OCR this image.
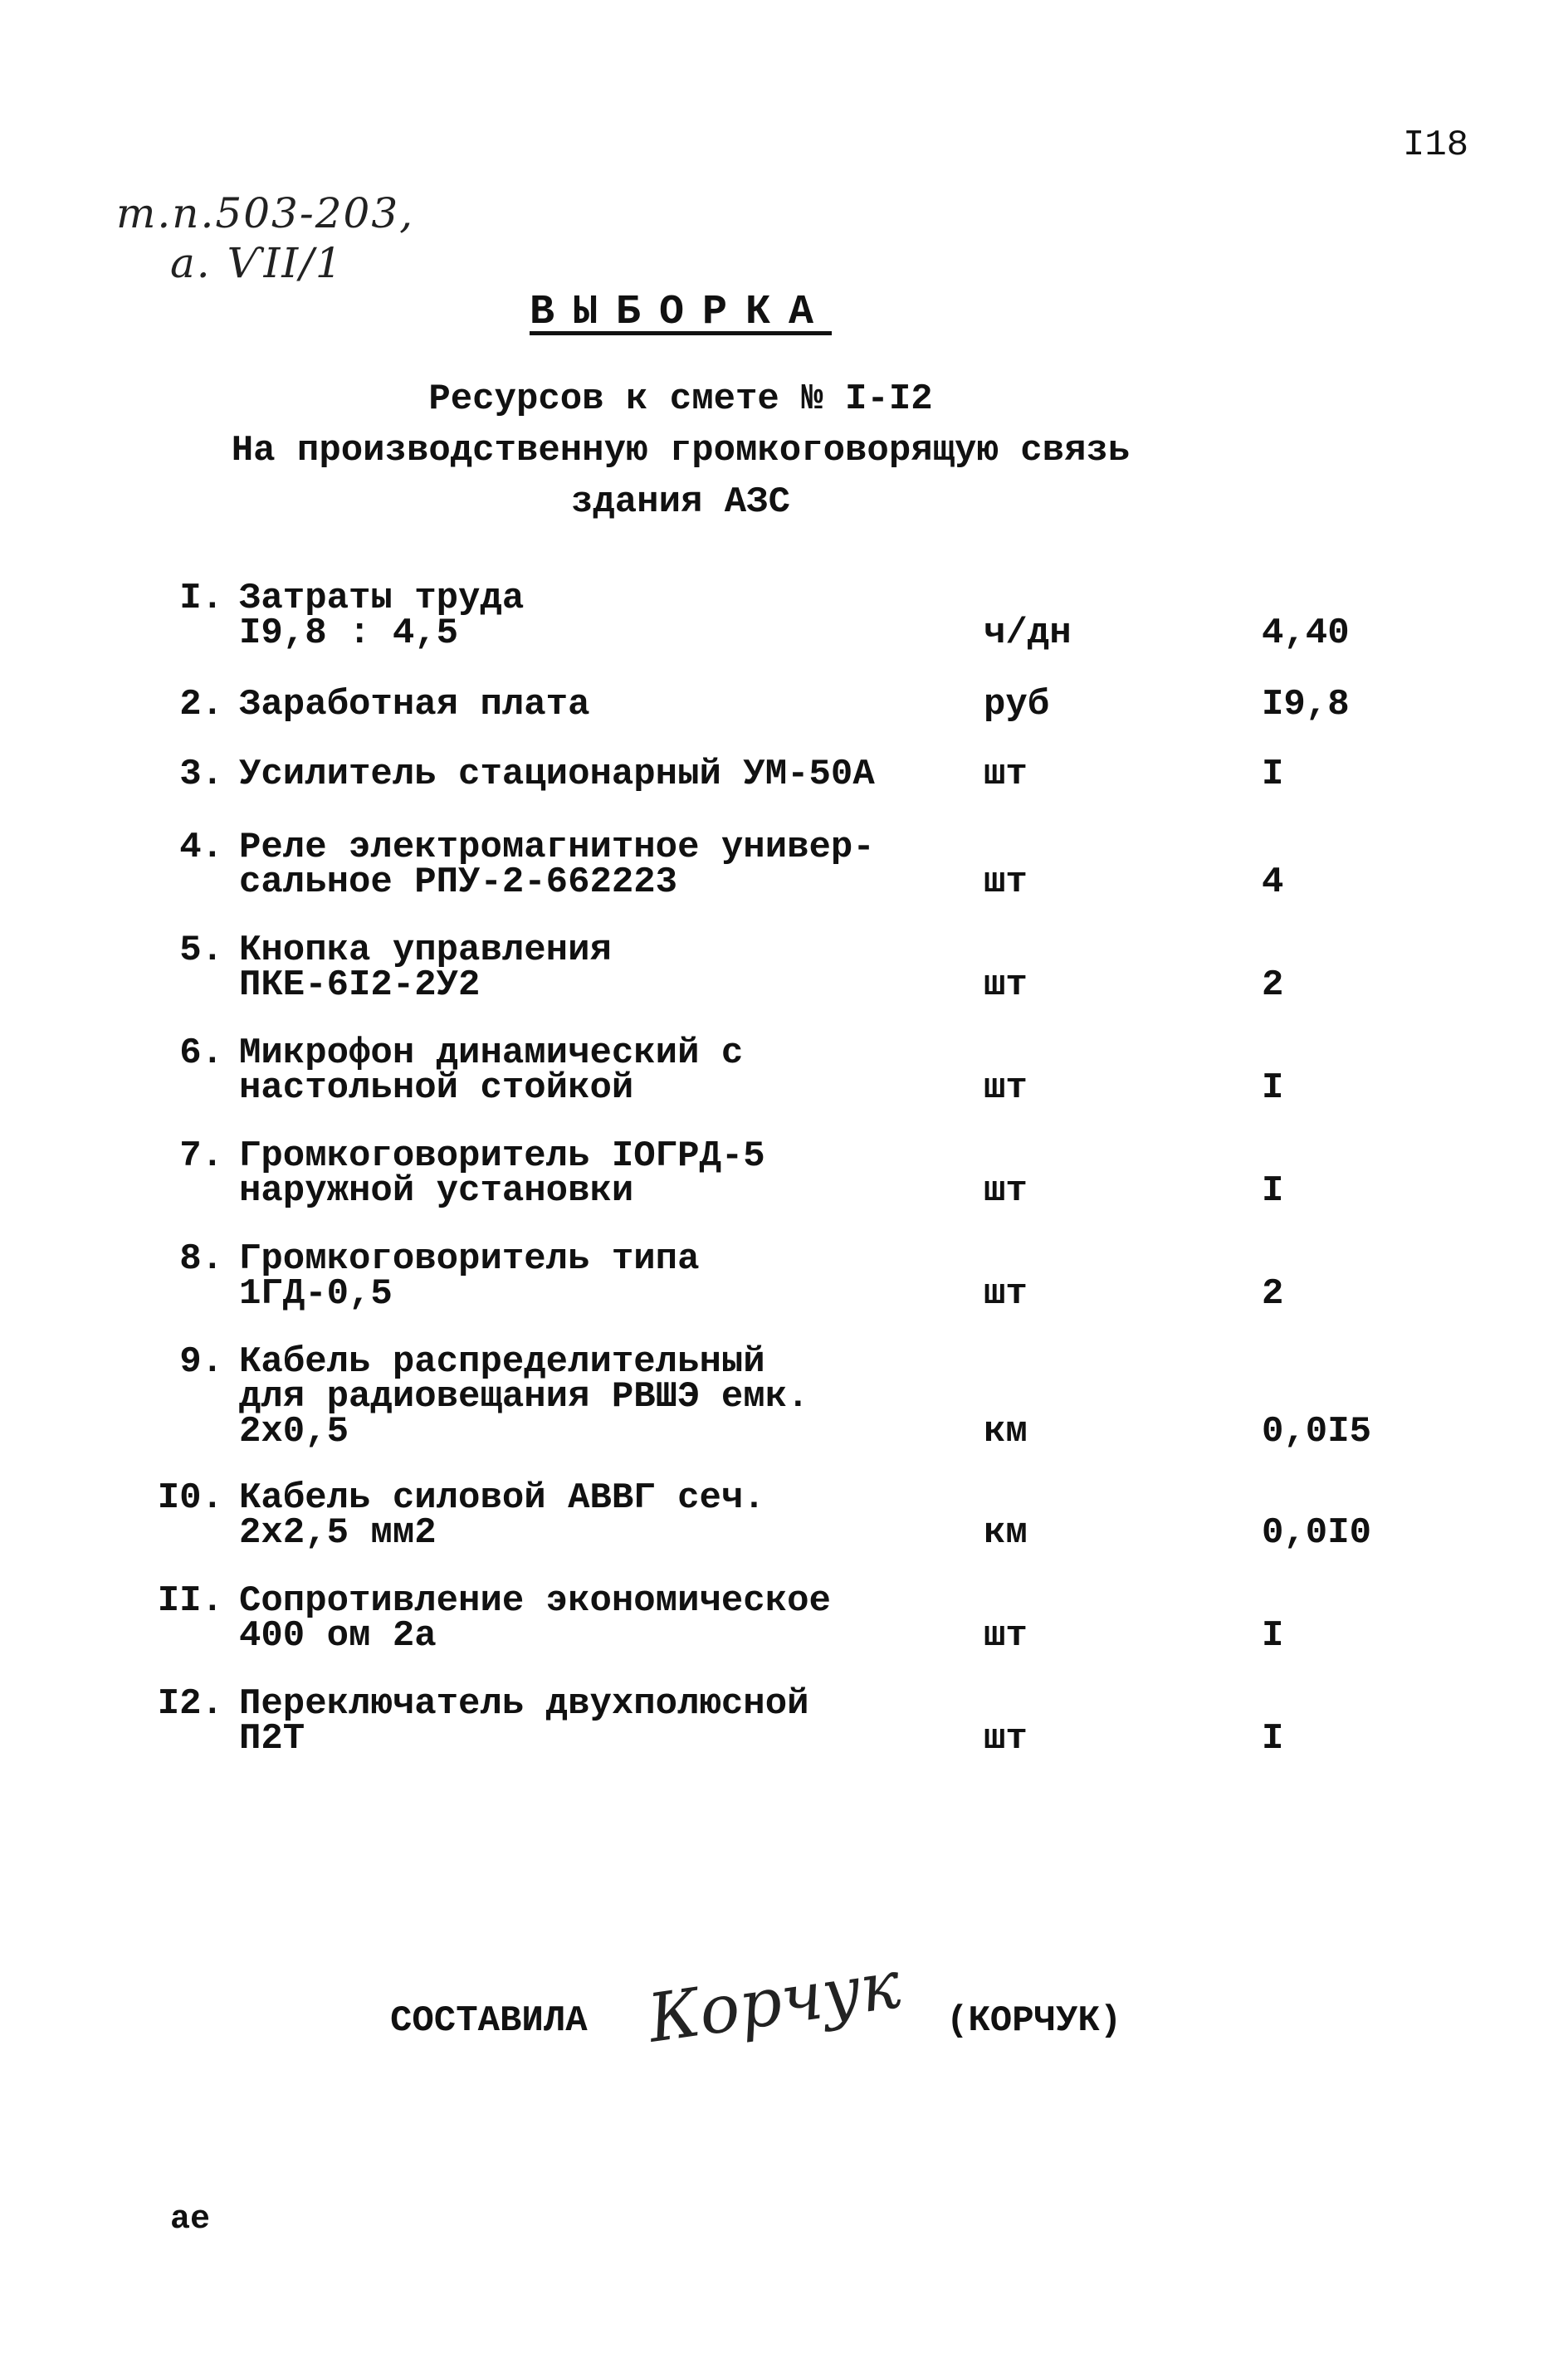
I18
т.п.503-203,
а. ѴІІ/1
ВЫБОРКА
Ресурсов к смете № I-I2
На производственную громкоговорящую связь
здания АЗС
I. Затраты труда
I9,8 : 4,5	ч/дн	4,40
2. Заработная плата	руб	I9,8
3. Усилитель стационарный УМ-50А	шт	I
4. Реле электромагнитное универ-
сальное РПУ-2-662223	шт	4
5. Кнопка управления
ПКЕ-6I2-2У2	шт	2
6. Микрофон динамический с
настольной стойкой	шт	I
7. Громкоговоритель IОГРД-5
наружной установки	шт	I
8. Громкоговоритель типа
1ГД-0,5	шт	2
9. Кабель распределительный
для радиовещания РВШЭ емк.
2х0,5	км	0,0I5
I0. Кабель силовой АВВГ сеч.
2х2,5 мм2	км	0,0I0
II. Сопротивление экономическое
400 ом 2а	шт	I
I2. Переключатель двухполюсной
П2Т	шт	I
СОСТАВИЛА Корчук (КОРЧУК)
ае
